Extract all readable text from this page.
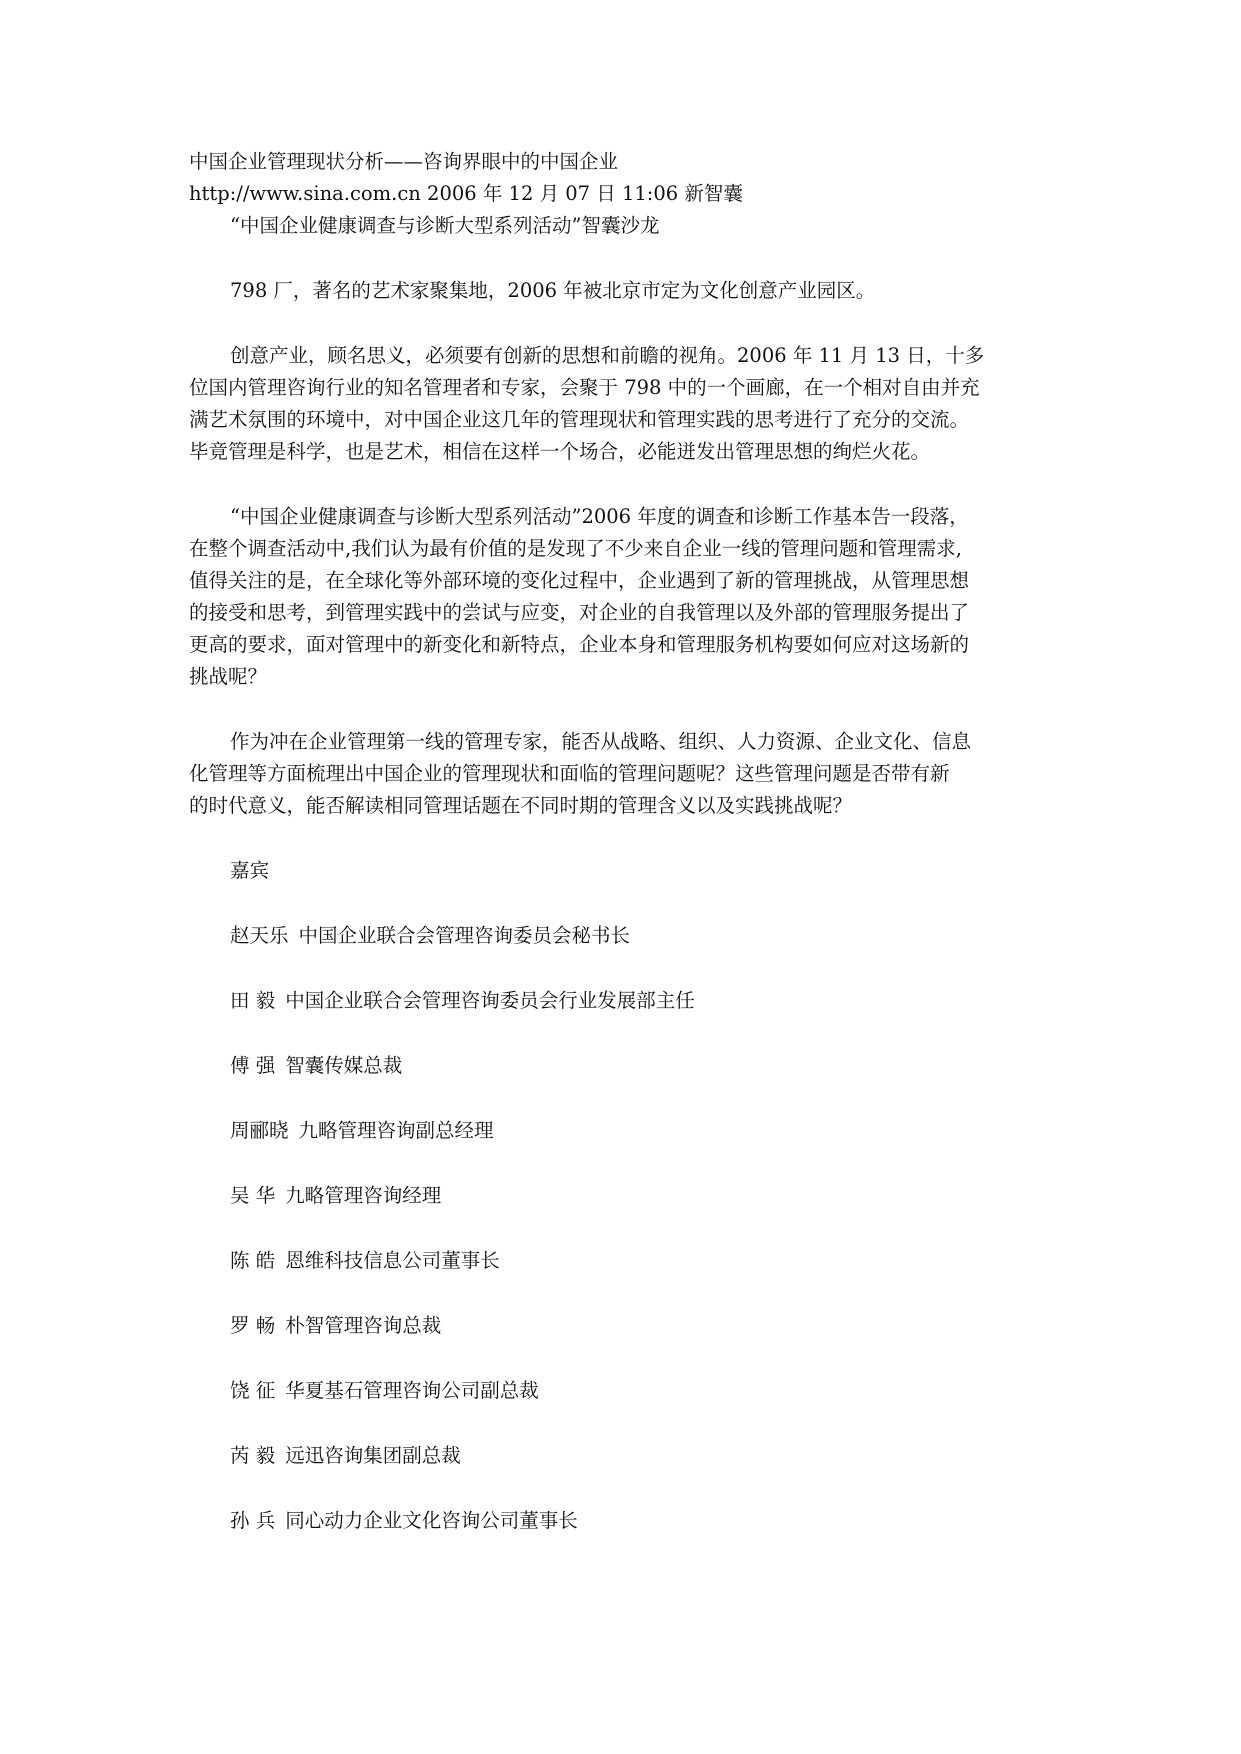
中国企业管理现状分析——咨询界眼中的中国企业
http://www.sina.com.cn 2006 年 12 月 07 日 11:06 新智囊
“中国企业健康调查与诊断大型系列活动”智囊沙龙
798 厂，著名的艺术家聚集地，2006 年被北京市定为文化创意产业园区。
创意产业，顾名思义，必须要有创新的思想和前瞻的视角。2006 年 11 月 13 日，十多
位国内管理咨询行业的知名管理者和专家，会聚于 798 中的一个画廊，在一个相对自由并充
满艺术氛围的环境中，对中国企业这几年的管理现状和管理实践的思考进行了充分的交流。
毕竟管理是科学，也是艺术，相信在这样一个场合，必能迸发出管理思想的绚烂火花。
“中国企业健康调查与诊断大型系列活动”2006 年度的调查和诊断工作基本告一段落，
在整个调查活动中,我们认为最有价值的是发现了不少来自企业一线的管理问题和管理需求,
值得关注的是，在全球化等外部环境的变化过程中，企业遇到了新的管理挑战，从管理思想
的接受和思考，到管理实践中的尝试与应变，对企业的自我管理以及外部的管理服务提出了
更高的要求，面对管理中的新变化和新特点，企业本身和管理服务机构要如何应对这场新的
挑战呢？
作为冲在企业管理第一线的管理专家，能否从战略、组织、人力资源、企业文化、信息
化管理等方面梳理出中国企业的管理现状和面临的管理问题呢？这些管理问题是否带有新
的时代意义，能否解读相同管理话题在不同时期的管理含义以及实践挑战呢？
嘉宾
赵天乐 中国企业联合会管理咨询委员会秘书长
田 毅 中国企业联合会管理咨询委员会行业发展部主任
傅 强 智囊传媒总裁
周郦晓 九略管理咨询副总经理
吴 华 九略管理咨询经理
陈 皓 恩维科技信息公司董事长
罗 畅 朴智管理咨询总裁
饶 征 华夏基石管理咨询公司副总裁
芮 毅 远迅咨询集团副总裁
孙 兵 同心动力企业文化咨询公司董事长
